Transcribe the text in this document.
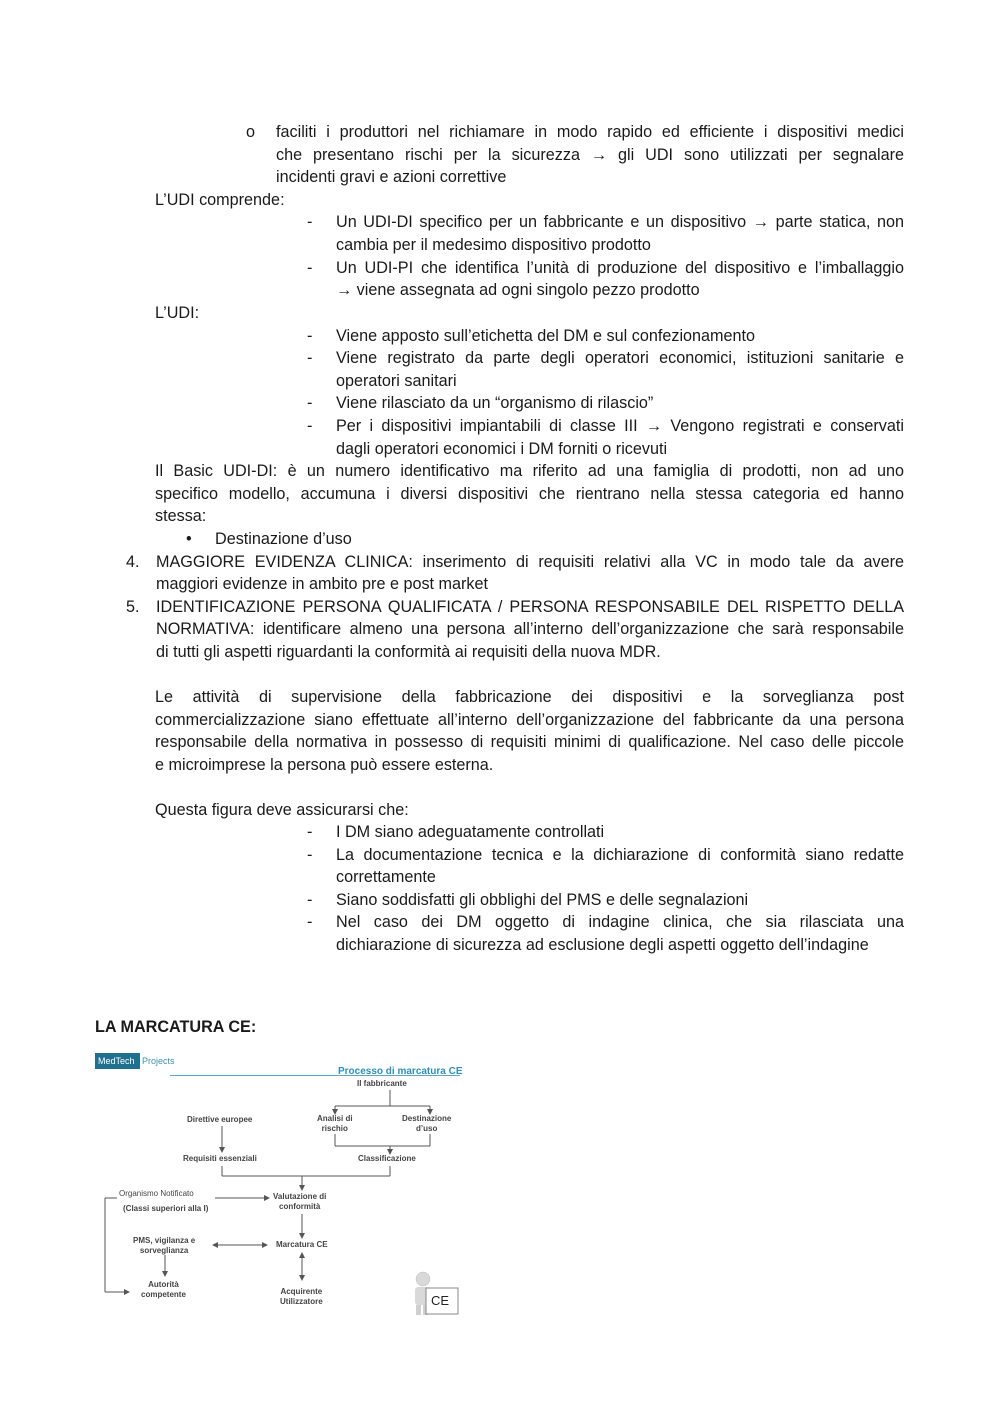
o faciliti i produttori nel richiamare in modo rapido ed efficiente i dispositivi medici
che presentano rischi per la sicurezza → gli UDI sono utilizzati per segnalare
incidenti gravi e azioni correttive
L’UDI comprende:
- Un UDI-DI specifico per un fabbricante e un dispositivo → parte statica, non
cambia per il medesimo dispositivo prodotto
- Un UDI-PI che identifica l’unità di produzione del dispositivo e l’imballaggio
→ viene assegnata ad ogni singolo pezzo prodotto
L’UDI:
- Viene apposto sull’etichetta del DM e sul confezionamento
- Viene registrato da parte degli operatori economici, istituzioni sanitarie e
operatori sanitari
- Viene rilasciato da un “organismo di rilascio”
- Per i dispositivi impiantabili di classe III → Vengono registrati e conservati
dagli operatori economici i DM forniti o ricevuti
Il Basic UDI-DI: è un numero identificativo ma riferito ad una famiglia di prodotti, non ad uno
specifico modello, accumuna i diversi dispositivi che rientrano nella stessa categoria ed hanno
stessa:
• Destinazione d’uso
4. MAGGIORE EVIDENZA CLINICA: inserimento di requisiti relativi alla VC in modo tale da avere
maggiori evidenze in ambito pre e post market
5. IDENTIFICAZIONE PERSONA QUALIFICATA / PERSONA RESPONSABILE DEL RISPETTO DELLA
NORMATIVA: identificare almeno una persona all’interno dell’organizzazione che sarà responsabile
di tutti gli aspetti riguardanti la conformità ai requisiti della nuova MDR.
Le attività di supervisione della fabbricazione dei dispositivi e la sorveglianza post
commercializzazione siano effettuate all’interno dell’organizzazione del fabbricante da una persona
responsabile della normativa in possesso di requisiti minimi di qualificazione. Nel caso delle piccole
e microimprese la persona può essere esterna.
Questa figura deve assicurarsi che:
- I DM siano adeguatamente controllati
- La documentazione tecnica e la dichiarazione di conformità siano redatte
correttamente
- Siano soddisfatti gli obblighi del PMS e delle segnalazioni
- Nel caso dei DM oggetto di indagine clinica, che sia rilasciata una
dichiarazione di sicurezza ad esclusione degli aspetti oggetto dell’indagine
LA MARCATURA CE:
MedTech Projects
Processo di marcatura CE
Il fabbricante
Direttive europee	Analisi di
rischio
Destinazione
d’uso
Requisiti essenziali	Classificazione
Organismo Notificato
(Classi superiori alla I)
Valutazione di
conformità
PMS, vigilanza e
sorveglianza
Marcatura CE
Autorità
competente	Acquirente
Utilizzatore	CE
